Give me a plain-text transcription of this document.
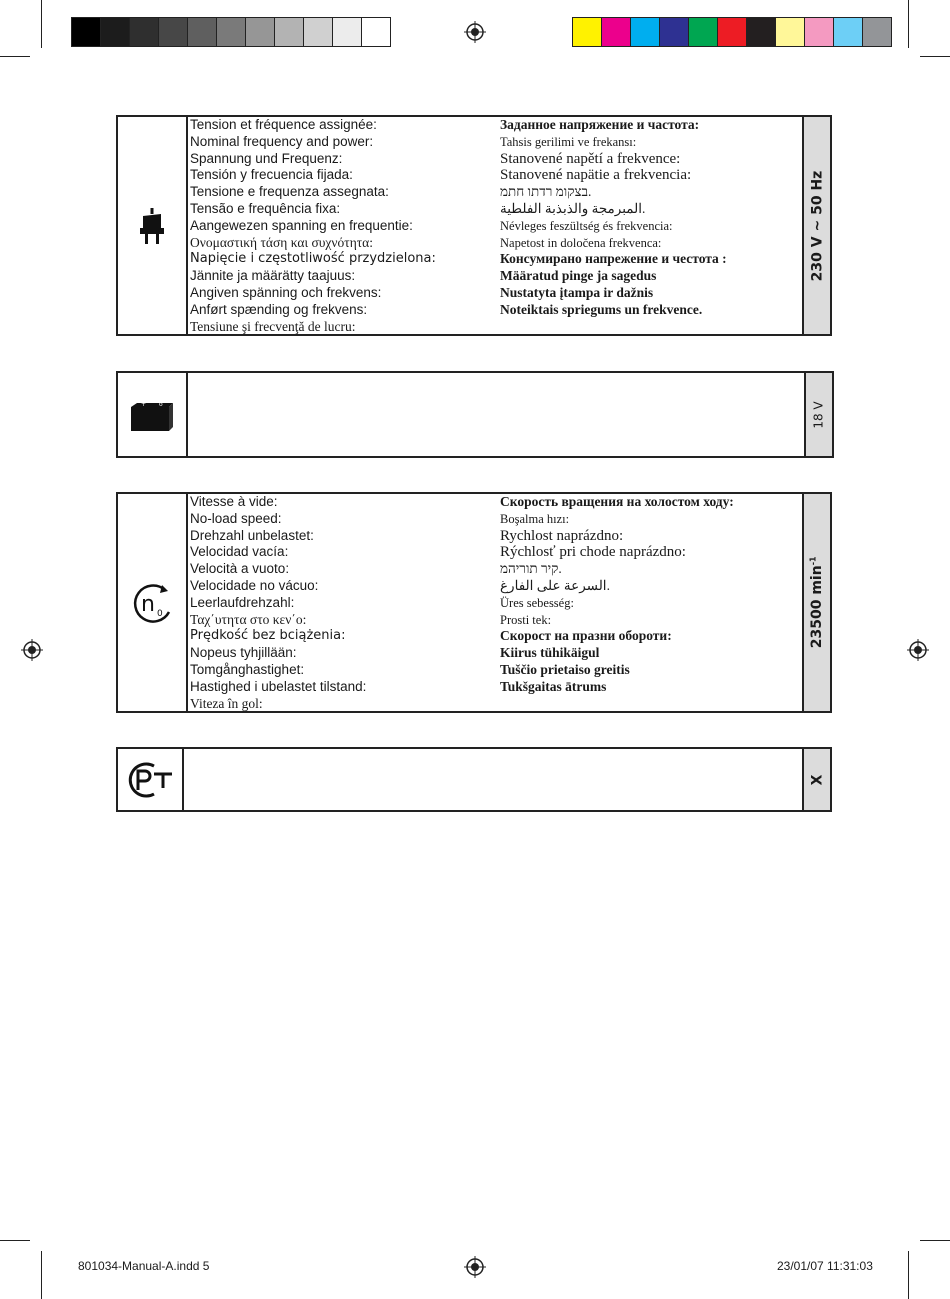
Tension et fréquence assignée:
Nominal frequency and power:
Spannung und Frequenz:
Tensión y frecuencia fijada:
Tensione e frequenza assegnata:
Tensão e frequência fixa:
Aangewezen spanning en frequentie:
Ονομαστική τάση και συχνότητα:
Napięcie i częstotliwość przydzielona:
Jännite ja määrätty taajuus:
Angiven spänning och frekvens:
Anført spænding og frekvens:
Tensiune şi frecvenţă de lucru:
Заданное напряжение и частота:
Tahsis gerilimi ve frekansı:
Stanovené napětí a frekvence:
Stanovené napätie a frekvencia:
בצקומ רדתו חתמ.
المبرمجة والذبذبة الفلطية.
Névleges feszültség és frekvencia:
Napetost in določena frekvenca:
Консумирано напрежение и честота :
Määratud pinge ja sagedus
Nustatyta įtampa ir dažnis
Noteiktais spriegums un frekvence.
230 V ~ 50 Hz
+ o	18 V
n 0
Vitesse à vide:
No-load speed:
Drehzahl unbelastet:
Velocidad vacía:
Velocità a vuoto:
Velocidade no vácuo:
Leerlaufdrehzahl:
Ταχ΄υτητα στο κεν΄ο:
Prędkość bez bciążenia:
Nopeus tyhjillään:
Tomgånghastighet:
Hastighed i ubelastet tilstand:
Viteza în gol:
Скорость вращения на холостом ходу:
Boşalma hızı:
Rychlost naprázdno:
Rýchlosť pri chode naprázdno:
קיר תוריהמ.
السرعة على الفارغ.
Üres sebesség:
Prosti tek:
Скорост на празни обороти:
Kiirus tühikäigul
Tuščio prietaiso greitis
Tukšgaitas ātrums
23500 $\min^{-1}$
X
801034-Manual-A.indd 5	23/01/07 11:31:03
